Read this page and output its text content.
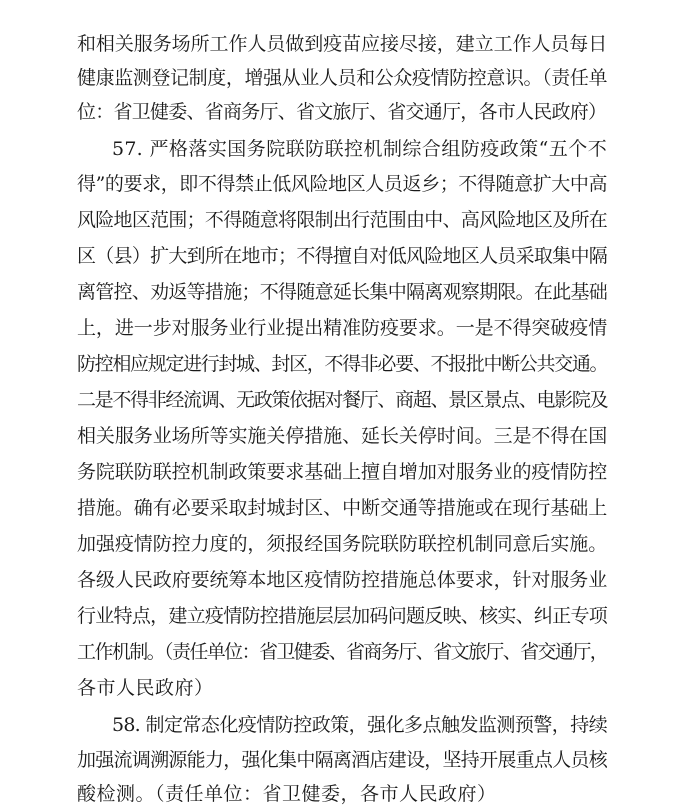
和相关服务场所工作人员做到疫苗应接尽接，建立工作人员每日
健康监测登记制度，增强从业人员和公众疫情防控意识。（责任单
位：省卫健委、省商务厅、省文旅厅、省交通厅，各市人民政府）
57. 严格落实国务院联防联控机制综合组防疫政策“五个不
得”的要求，即不得禁止低风险地区人员返乡；不得随意扩大中高
风险地区范围；不得随意将限制出行范围由中、高风险地区及所在
区（县）扩大到所在地市；不得擅自对低风险地区人员采取集中隔
离管控、劝返等措施；不得随意延长集中隔离观察期限。在此基础
上，进一步对服务业行业提出精准防疫要求。一是不得突破疫情
防控相应规定进行封城、封区，不得非必要、不报批中断公共交通。
二是不得非经流调、无政策依据对餐厅、商超、景区景点、电影院及
相关服务业场所等实施关停措施、延长关停时间。三是不得在国
务院联防联控机制政策要求基础上擅自增加对服务业的疫情防控
措施。确有必要采取封城封区、中断交通等措施或在现行基础上
加强疫情防控力度的，须报经国务院联防联控机制同意后实施。
各级人民政府要统筹本地区疫情防控措施总体要求，针对服务业
行业特点，建立疫情防控措施层层加码问题反映、核实、纠正专项
工作机制。（责任单位：省卫健委、省商务厅、省文旅厅、省交通厅，
各市人民政府）
58. 制定常态化疫情防控政策，强化多点触发监测预警，持续
加强流调溯源能力，强化集中隔离酒店建设，坚持开展重点人员核
酸检测。（责任单位：省卫健委，各市人民政府）
